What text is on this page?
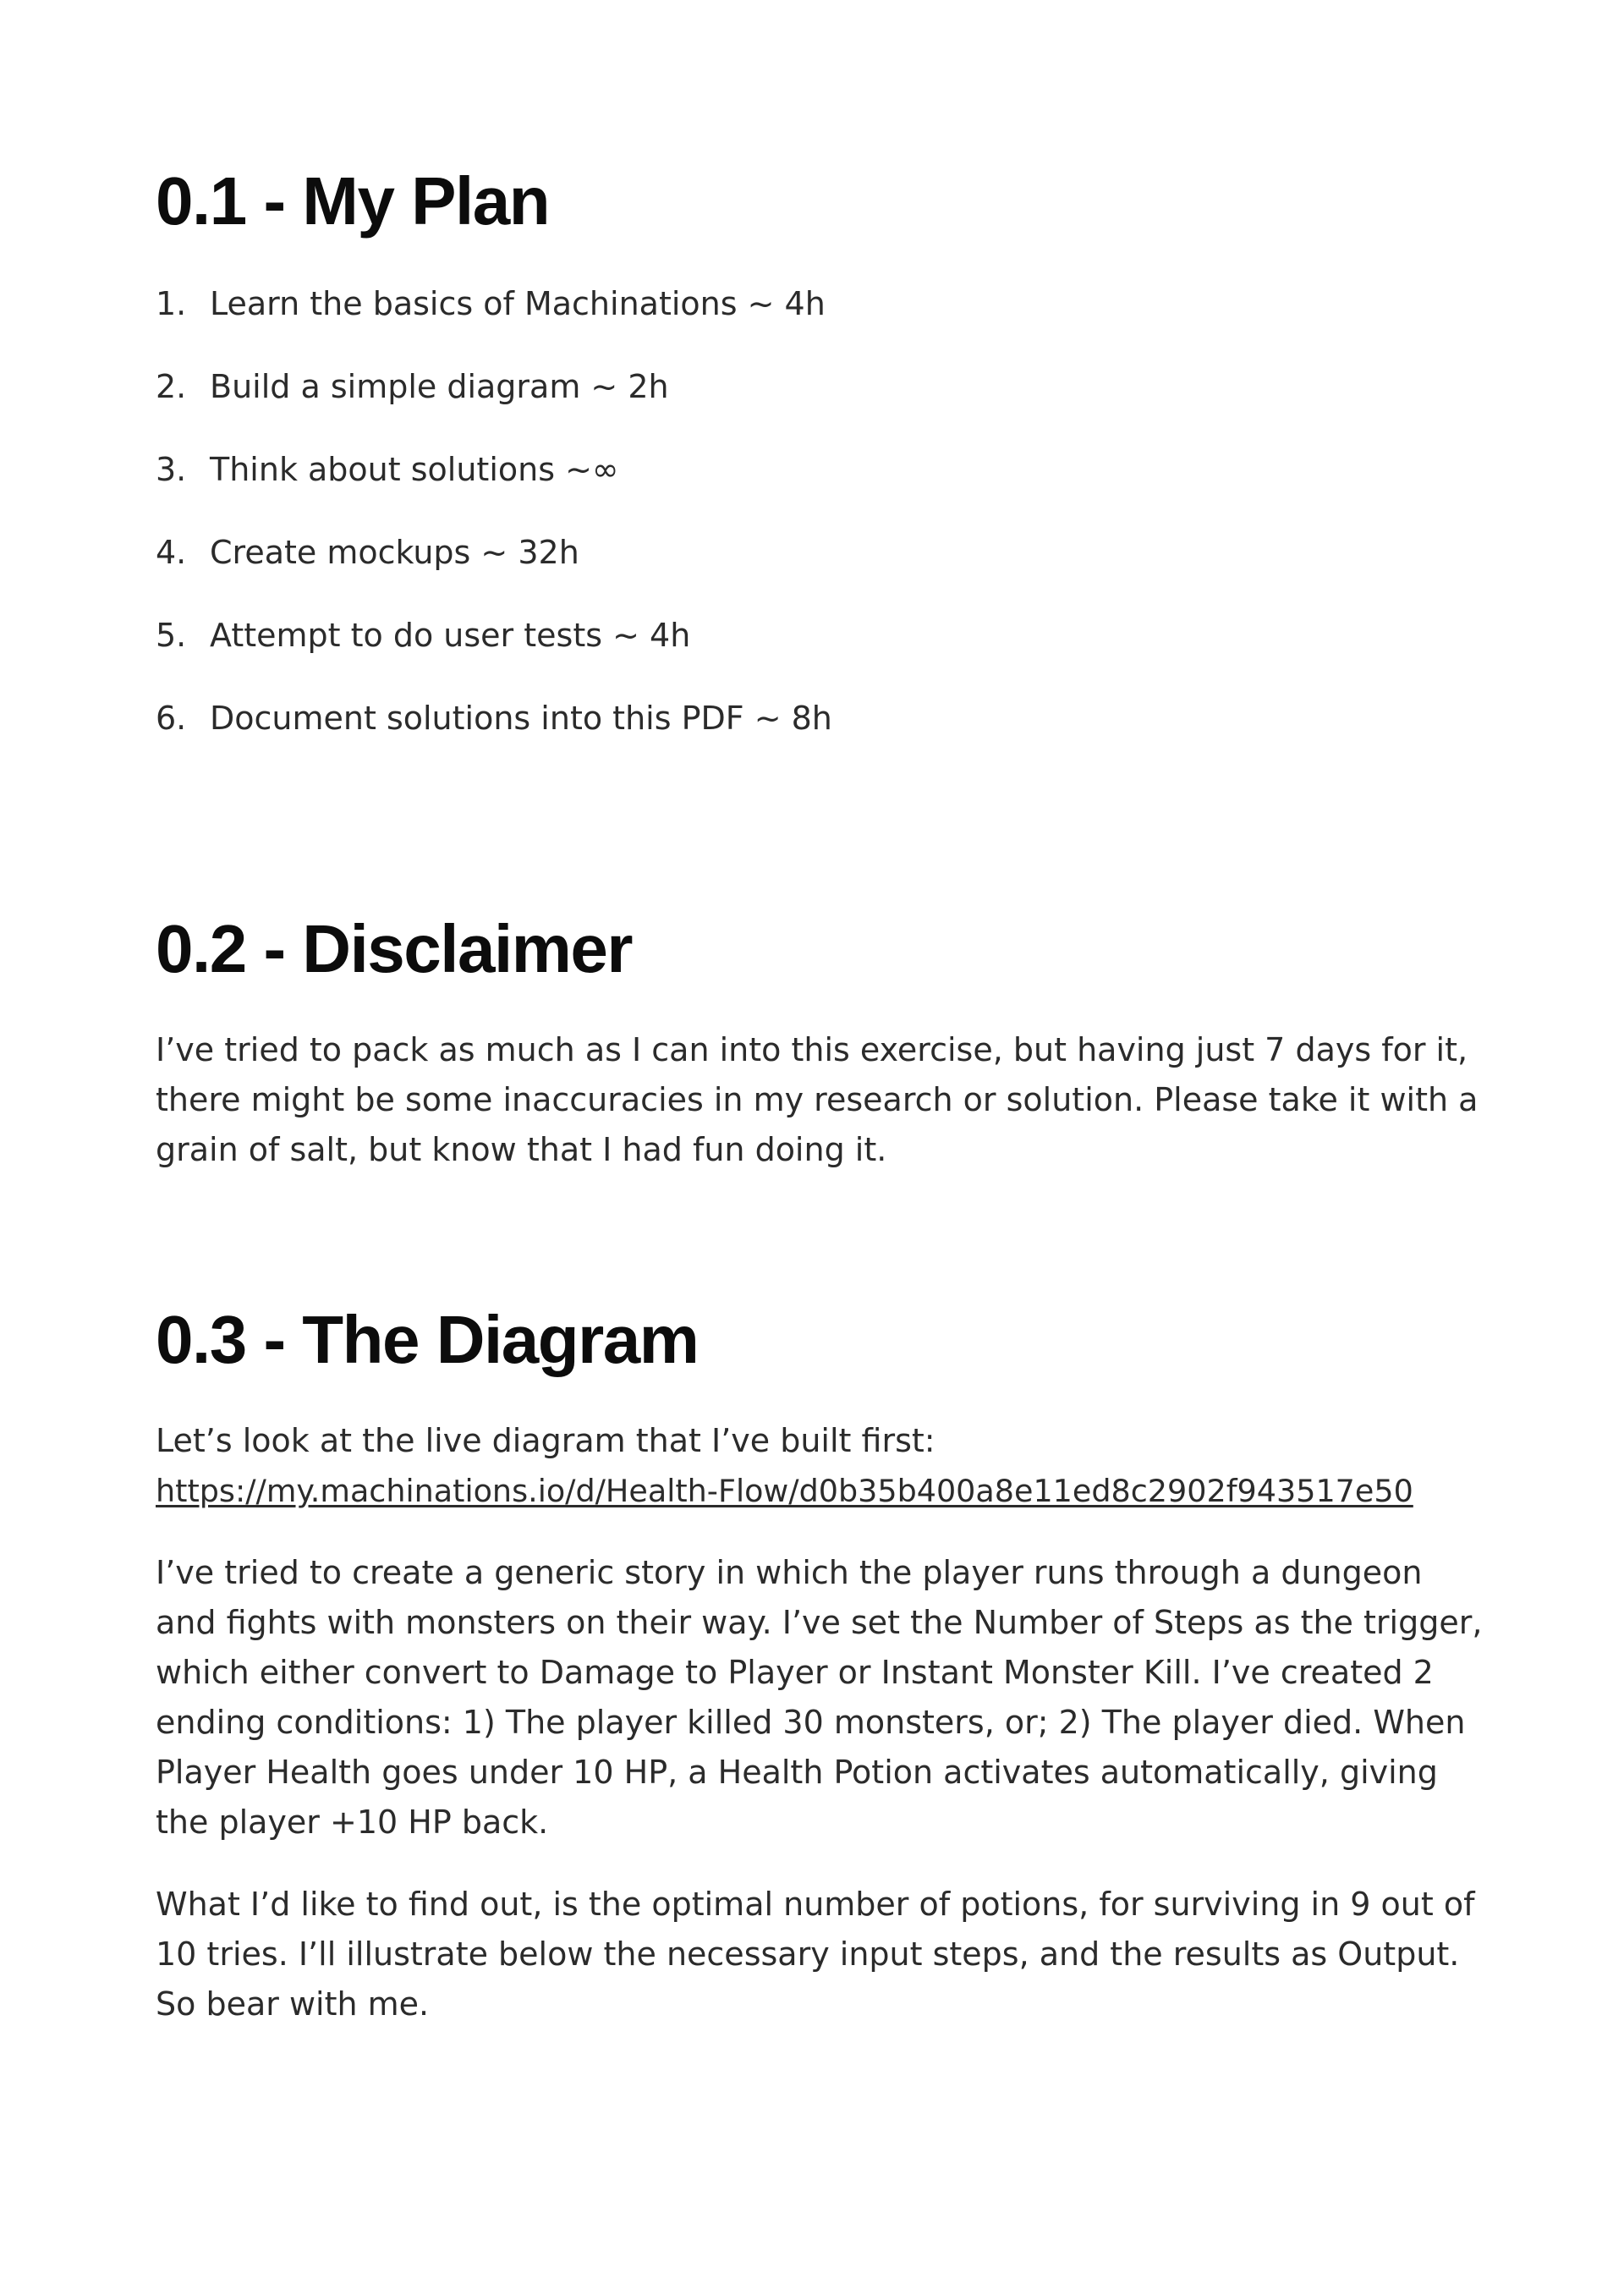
0.1 - My Plan
1. Learn the basics of Machinations ~ 4h
2. Build a simple diagram ~ 2h
3. Think about solutions ~∞
4. Create mockups ~ 32h
5. Attempt to do user tests ~ 4h
6. Document solutions into this PDF ~ 8h
0.2 - Disclaimer

I’ve tried to pack as much as I can into this exercise, but having just 7 days for it, there might be some inaccuracies in my research or solution. Please take it with a grain of salt, but know that I had fun doing it.

0.3 - The Diagram

Let’s look at the live diagram that I’ve built first:
https://my.machinations.io/d/Health-Flow/d0b35b400a8e11ed8c2902f943517e50

I’ve tried to create a generic story in which the player runs through a dungeon and fights with monsters on their way. I’ve set the Number of Steps as the trigger, which either convert to Damage to Player or Instant Monster Kill. I’ve created 2 ending conditions: 1) The player killed 30 monsters, or; 2) The player died. When Player Health goes under 10 HP, a Health Potion activates automatically, giving the player +10 HP back.

What I’d like to find out, is the optimal number of potions, for surviving in 9 out of 10 tries. I’ll illustrate below the necessary input steps, and the results as Output. So bear with me.
